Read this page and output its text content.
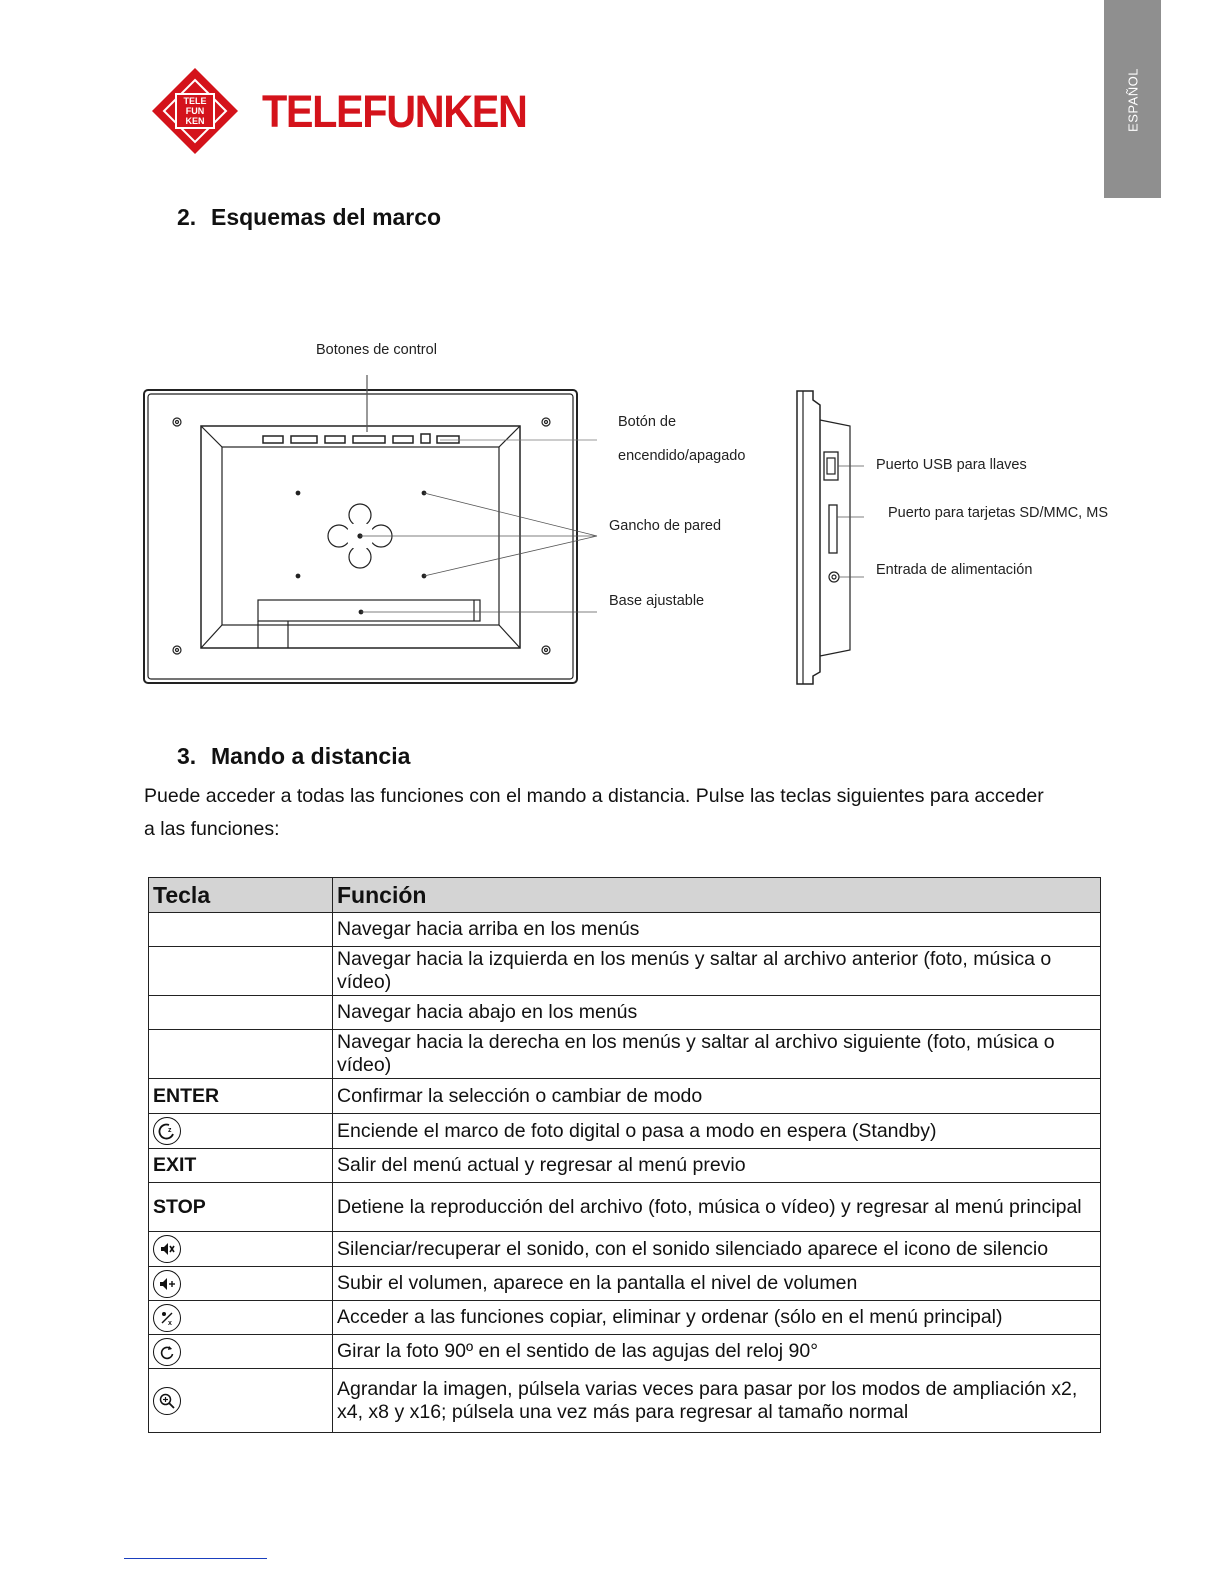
ESPAÑOL
TELE
FUN
KEN TELEFUNKEN
2. Esquemas del marco
Botones de control
Botón de
encendido/apagado
Gancho de pared
Base ajustable
Puerto USB para llaves
Puerto para tarjetas SD/MMC, MS
Entrada de alimentación
3. Mando a distancia
Puede acceder a todas las funciones con el mando a distancia. Pulse las teclas siguientes para acceder a las funciones:
Tecla	Función
	Navegar hacia arriba en los menús
	Navegar hacia la izquierda en los menús y saltar al archivo anterior (foto, música o vídeo)
	Navegar hacia abajo en los menús
	Navegar hacia la derecha en los menús y saltar al archivo siguiente (foto, música o vídeo)
ENTER	Confirmar la selección o cambiar de modo

z	Enciende el marco de foto digital o pasa a modo en espera (Standby)
EXIT	Salir del menú actual y regresar al menú previo
STOP	Detiene la reproducción del archivo (foto, música o vídeo) y regresar al menú principal

	Silenciar/recuperar el sonido, con el sonido silenciado aparece el icono de silencio

	Subir el volumen, aparece en la pantalla el nivel de volumen

x	Acceder a las funciones copiar, eliminar y ordenar (sólo en el menú principal)

	Girar la foto 90º en el sentido de las agujas del reloj 90°

	Agrandar la imagen, púlsela varias veces para pasar por los modos de ampliación x2, x4, x8 y x16; púlsela una vez más para regresar al tamaño normal
